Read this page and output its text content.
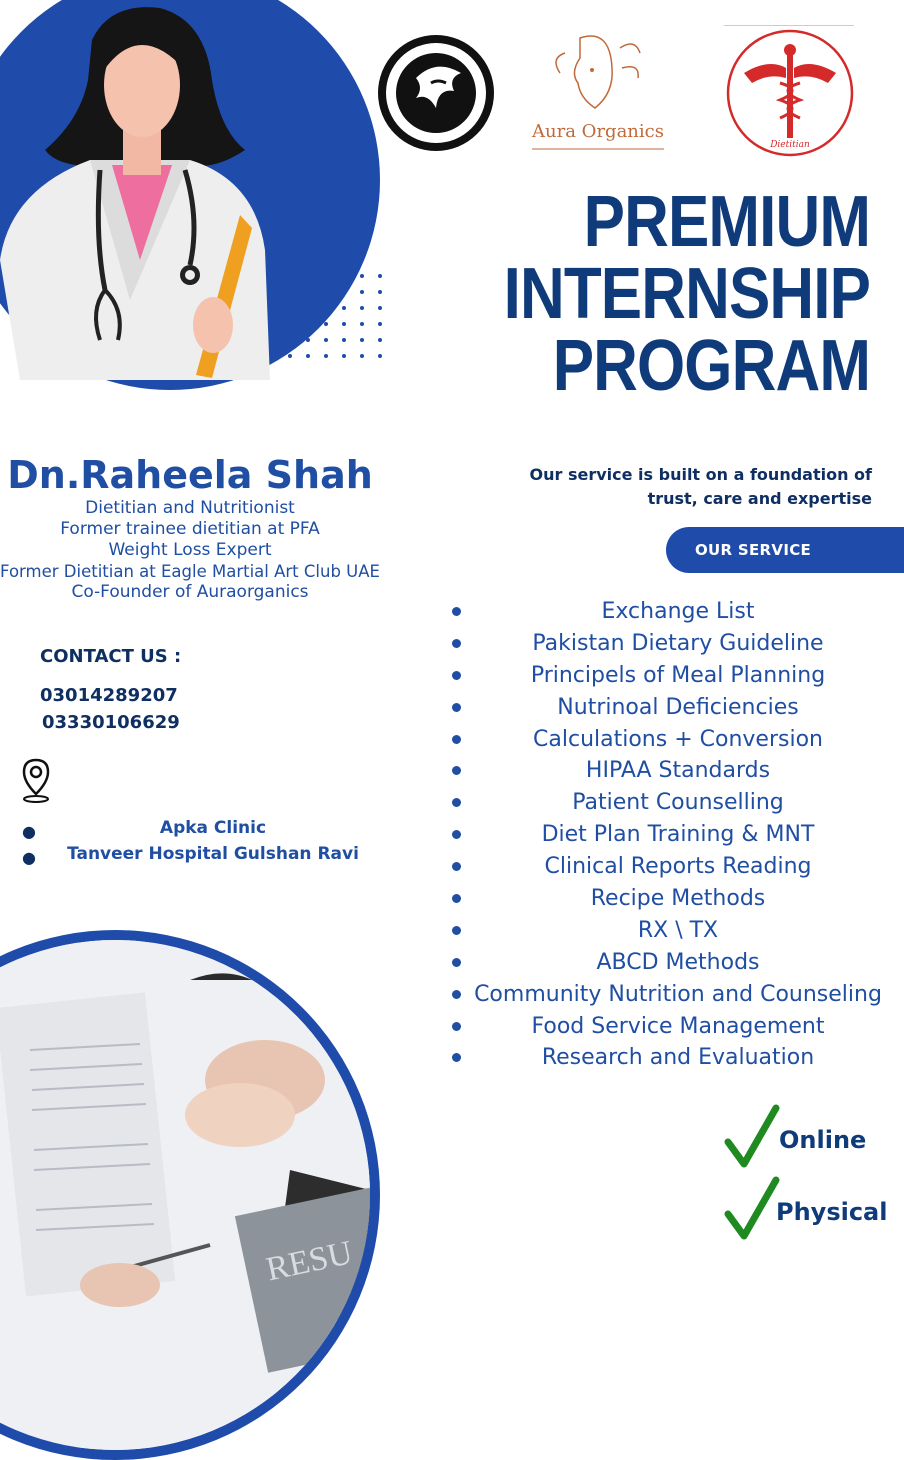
Aura Organics
Dietitian
PREMIUM
INTERNSHIP
PROGRAM
Dn.Raheela Shah
Dietitian and Nutritionist
Former trainee dietitian at PFA
Weight Loss Expert
Former Dietitian at Eagle Martial Art Club UAE
Co-Founder of Auraorganics
CONTACT US :
03014289207
03330106629
●	Apka Clinic
●	Tanveer Hospital Gulshan Ravi
Our service is built on a foundation of
trust, care and expertise
OUR SERVICE
Exchange List
Pakistan Dietary Guideline
Principels of Meal Planning
Nutrinoal Deficiencies
Calculations + Conversion
HIPAA Standards
Patient Counselling
Diet Plan Training & MNT
Clinical Reports Reading
Recipe Methods
RX \ TX
ABCD Methods
Community Nutrition and Counseling
Food Service Management
Research and Evaluation
RESU
Online
Physical
